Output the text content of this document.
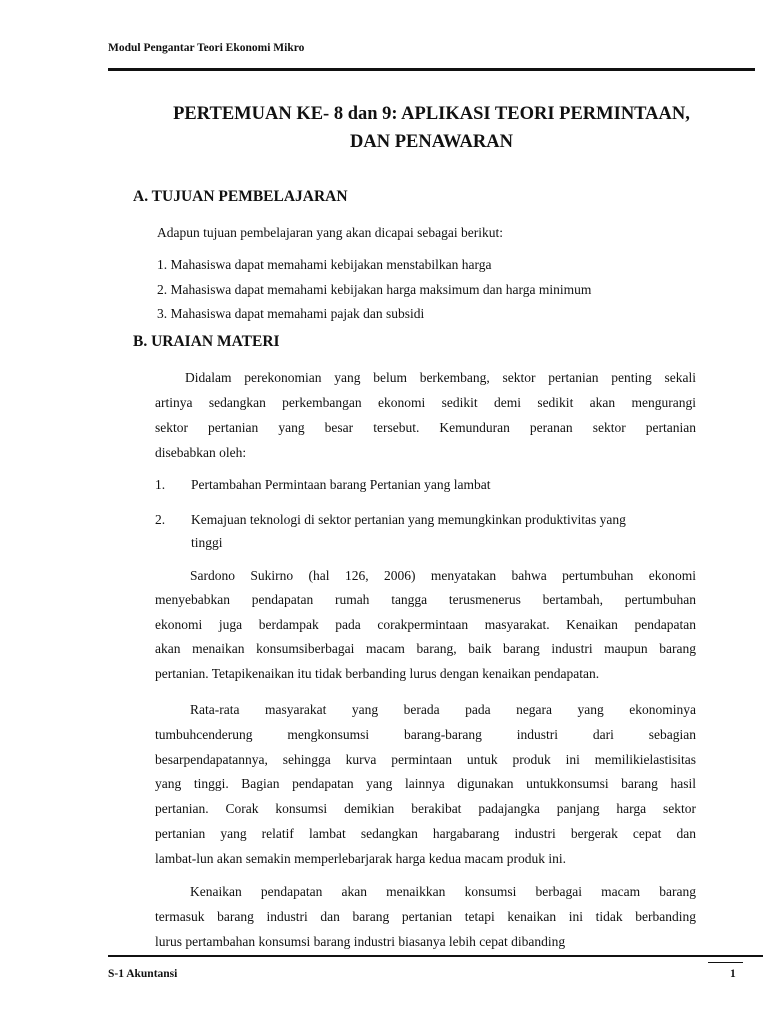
Modul Pengantar Teori Ekonomi Mikro
PERTEMUAN KE- 8 dan 9: APLIKASI TEORI PERMINTAAN,
DAN PENAWARAN
A. TUJUAN PEMBELAJARAN
Adapun tujuan pembelajaran yang akan dicapai sebagai berikut:
1. Mahasiswa dapat memahami kebijakan menstabilkan harga
2. Mahasiswa dapat memahami kebijakan harga maksimum dan harga minimum
3. Mahasiswa dapat memahami pajak dan subsidi
B. URAIAN MATERI
Didalam perekonomian yang belum berkembang, sektor pertanian penting sekali
artinya sedangkan perkembangan ekonomi sedikit demi sedikit akan mengurangi
sektor pertanian yang besar tersebut. Kemunduran peranan sektor pertanian
disebabkan oleh:
1. Pertambahan Permintaan barang Pertanian yang lambat
2. Kemajuan teknologi di sektor pertanian yang memungkinkan produktivitas yang
tinggi
Sardono Sukirno (hal 126, 2006) menyatakan bahwa pertumbuhan ekonomi
menyebabkan pendapatan rumah tangga terusmenerus bertambah, pertumbuhan
ekonomi juga berdampak pada corakpermintaan masyarakat. Kenaikan pendapatan
akan menaikan konsumsiberbagai macam barang, baik barang industri maupun barang
pertanian. Tetapikenaikan itu tidak berbanding lurus dengan kenaikan pendapatan.
Rata-rata masyarakat yang berada pada negara yang ekonominya
tumbuhcenderung mengkonsumsi barang-barang industri dari sebagian
besarpendapatannya, sehingga kurva permintaan untuk produk ini memilikielastisitas
yang tinggi. Bagian pendapatan yang lainnya digunakan untukkonsumsi barang hasil
pertanian. Corak konsumsi demikian berakibat padajangka panjang harga sektor
pertanian yang relatif lambat sedangkan hargabarang industri bergerak cepat dan
lambat-lun akan semakin memperlebarjarak harga kedua macam produk ini.
Kenaikan pendapatan akan menaikkan konsumsi berbagai macam barang
termasuk barang industri dan barang pertanian tetapi kenaikan ini tidak berbanding
lurus pertambahan konsumsi barang industri biasanya lebih cepat dibanding
S-1 Akuntansi	1
